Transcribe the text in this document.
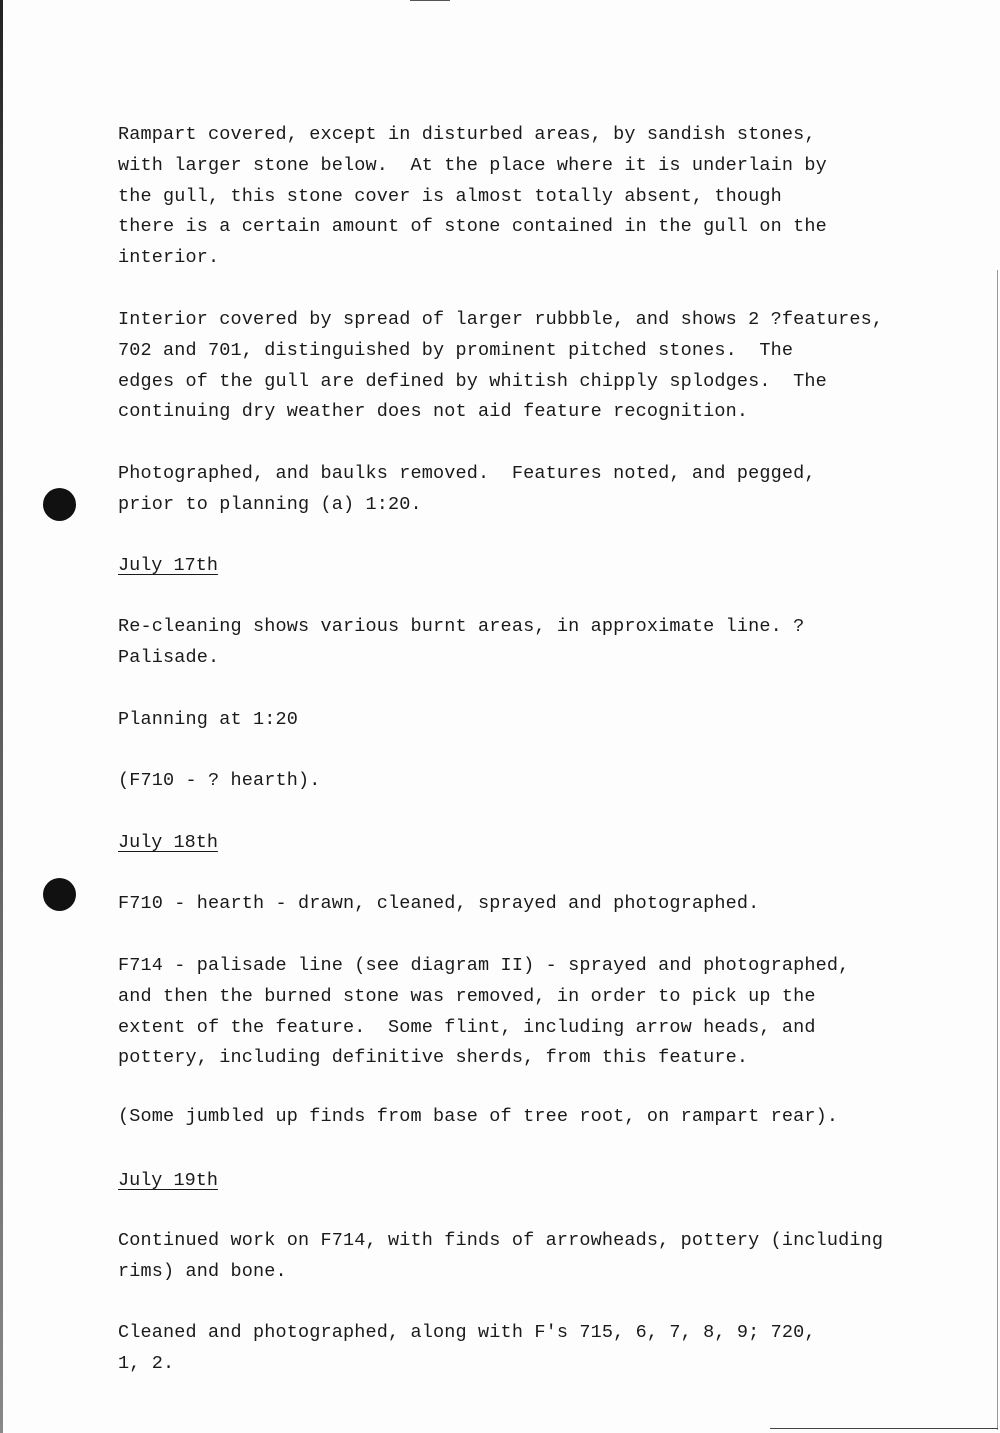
Rampart covered, except in disturbed areas, by sandish stones,
with larger stone below.  At the place where it is underlain by
the gull, this stone cover is almost totally absent, though
there is a certain amount of stone contained in the gull on the
interior.
Interior covered by spread of larger rubbble, and shows 2 ?features,
702 and 701, distinguished by prominent pitched stones.  The
edges of the gull are defined by whitish chipply splodges.  The
continuing dry weather does not aid feature recognition.
Photographed, and baulks removed.  Features noted, and pegged,
prior to planning (a) 1:20.
July 17th
Re-cleaning shows various burnt areas, in approximate line. ?
Palisade.
Planning at 1:20
(F710 - ? hearth).
July 18th
F710 - hearth - drawn, cleaned, sprayed and photographed.
F714 - palisade line (see diagram II) - sprayed and photographed,
and then the burned stone was removed, in order to pick up the
extent of the feature.  Some flint, including arrow heads, and
pottery, including definitive sherds, from this feature.
(Some jumbled up finds from base of tree root, on rampart rear).
July 19th
Continued work on F714, with finds of arrowheads, pottery (including
rims) and bone.
Cleaned and photographed, along with F's 715, 6, 7, 8, 9; 720,
1, 2.
